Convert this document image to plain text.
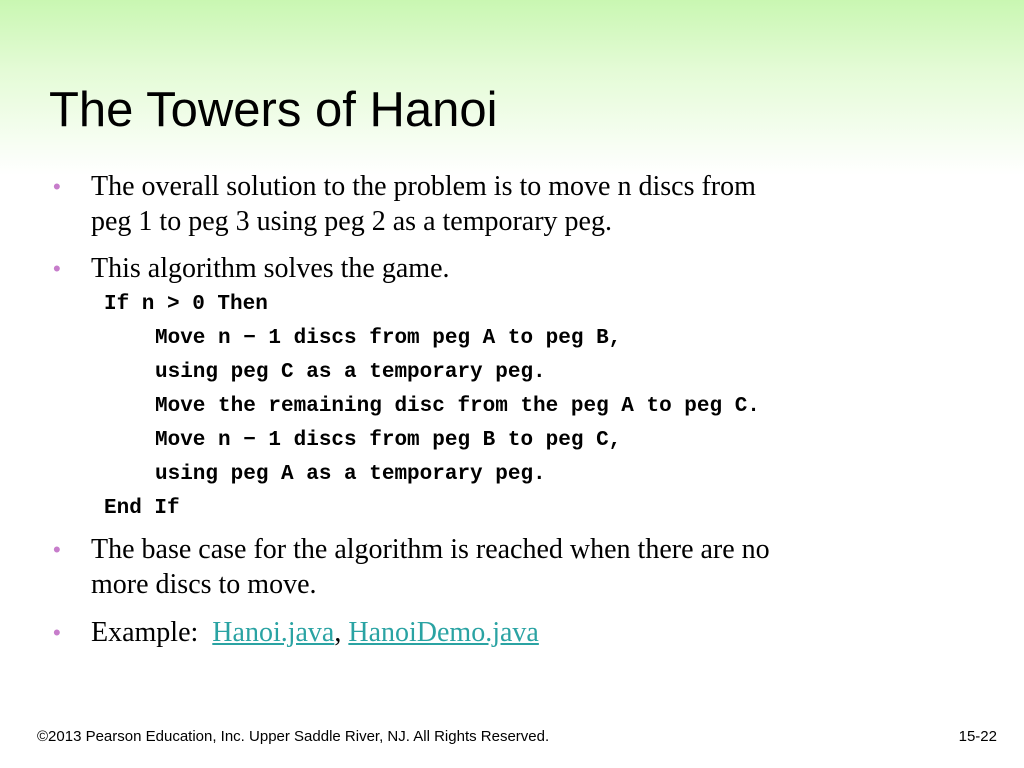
The Towers of Hanoi
• The overall solution to the problem is to move n discs from
peg 1 to peg 3 using peg 2 as a temporary peg.
• This algorithm solves the game.
If n > 0 Then
Move n − 1 discs from peg A to peg B,
using peg C as a temporary peg.
Move the remaining disc from the peg A to peg C.
Move n − 1 discs from peg B to peg C,
using peg A as a temporary peg.
End If
• The base case for the algorithm is reached when there are no
more discs to move.
• Example: Hanoi.java, HanoiDemo.java
©2013 Pearson Education, Inc. Upper Saddle River, NJ. All Rights Reserved.	15-22
